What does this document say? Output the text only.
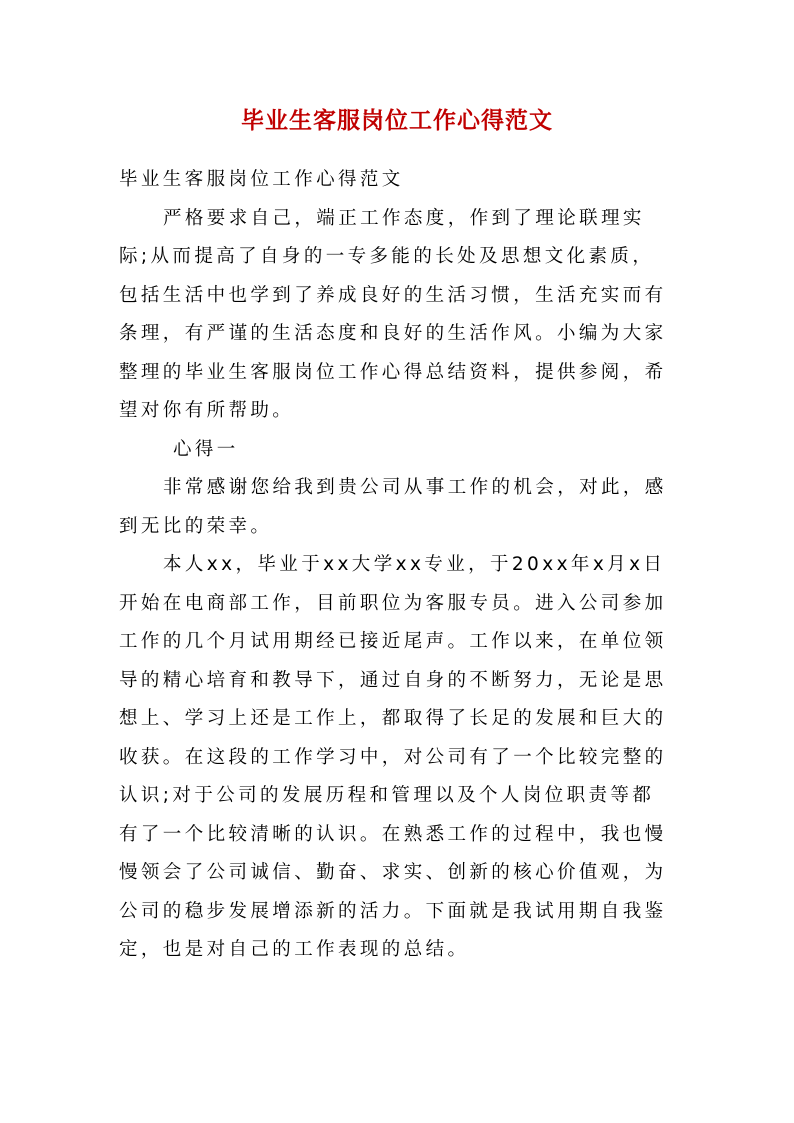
毕业生客服岗位工作心得范文

毕业生客服岗位工作心得范文

严格要求自己，端正工作态度，作到了理论联理实际;从而提高了自身的一专多能的长处及思想文化素质，包括生活中也学到了养成良好的生活习惯，生活充实而有条理，有严谨的生活态度和良好的生活作风。小编为大家整理的毕业生客服岗位工作心得总结资料，提供参阅，希望对你有所帮助。

心得一

非常感谢您给我到贵公司从事工作的机会，对此，感到无比的荣幸。

本人xx，毕业于xx大学xx专业，于20xx年x月x日开始在电商部工作，目前职位为客服专员。进入公司参加工作的几个月试用期经已接近尾声。工作以来，在单位领导的精心培育和教导下，通过自身的不断努力，无论是思想上、学习上还是工作上，都取得了长足的发展和巨大的收获。在这段的工作学习中，对公司有了一个比较完整的认识;对于公司的发展历程和管理以及个人岗位职责等都有了一个比较清晰的认识。在熟悉工作的过程中，我也慢慢领会了公司诚信、勤奋、求实、创新的核心价值观，为公司的稳步发展增添新的活力。下面就是我试用期自我鉴定，也是对自己的工作表现的总结。
